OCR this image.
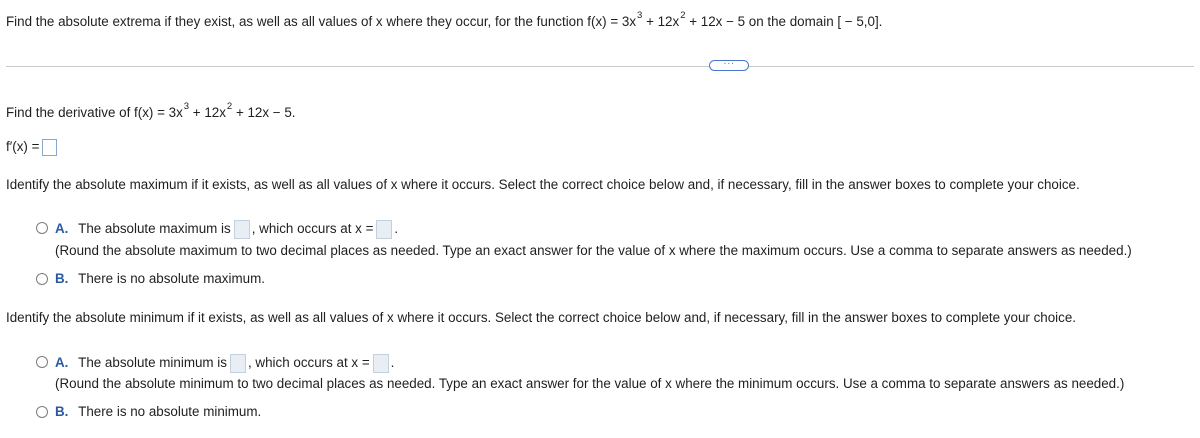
Find the absolute extrema if they exist, as well as all values of x where they occur, for the function $f(x) = 3x^3 + 12x^2 + 12x - 5$ on the domain [ − 5,0].
···
Find the derivative of $f(x) = 3x^3 + 12x^2 + 12x - 5$.
f′(x) =
Identify the absolute maximum if it exists, as well as all values of x where it occurs. Select the correct choice below and, if necessary, fill in the answer boxes to complete your choice.
A. The absolute maximum is , which occurs at x = .
(Round the absolute maximum to two decimal places as needed. Type an exact answer for the value of x where the maximum occurs. Use a comma to separate answers as needed.)
B. There is no absolute maximum.
Identify the absolute minimum if it exists, as well as all values of x where it occurs. Select the correct choice below and, if necessary, fill in the answer boxes to complete your choice.
A. The absolute minimum is , which occurs at x = .
(Round the absolute minimum to two decimal places as needed. Type an exact answer for the value of x where the minimum occurs. Use a comma to separate answers as needed.)
B. There is no absolute minimum.
